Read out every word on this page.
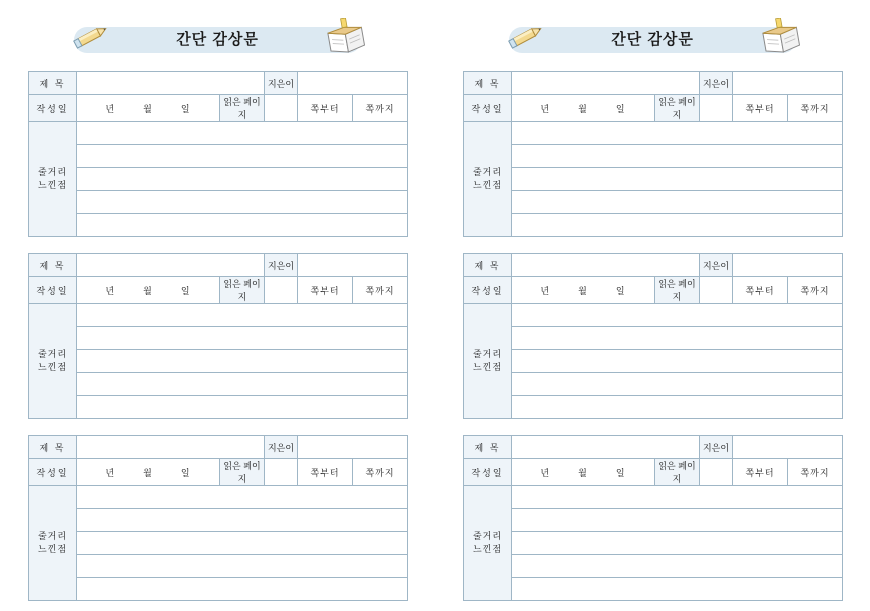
간단 감상문
제 목			지은이		
작성일	년 월 일	읽은 페이지		쪽부터	쪽까지
줄거리
느낀점					

제 목			지은이		
작성일	년 월 일	읽은 페이지		쪽부터	쪽까지
줄거리
느낀점					

제 목			지은이		
작성일	년 월 일	읽은 페이지		쪽부터	쪽까지
줄거리
느낀점					

간단 감상문
제 목			지은이		
작성일	년 월 일	읽은 페이지		쪽부터	쪽까지
줄거리
느낀점					

제 목			지은이		
작성일	년 월 일	읽은 페이지		쪽부터	쪽까지
줄거리
느낀점					

제 목			지은이		
작성일	년 월 일	읽은 페이지		쪽부터	쪽까지
줄거리
느낀점					
